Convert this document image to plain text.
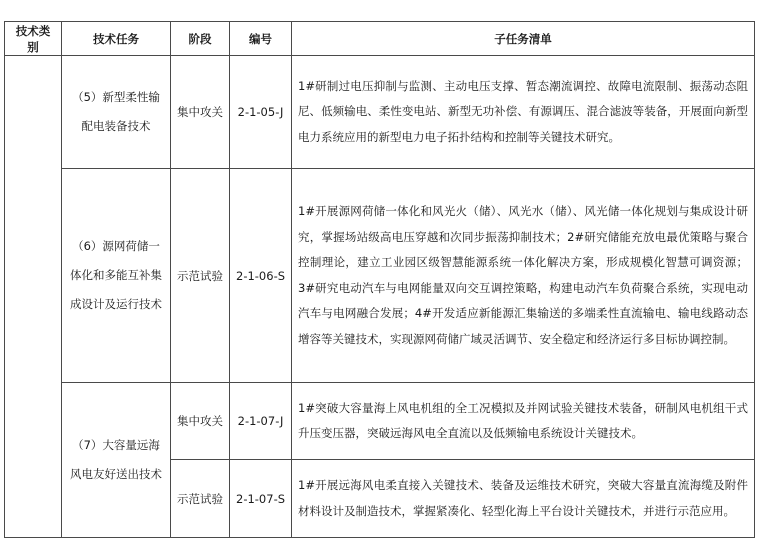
技术类别	技术任务	阶段	编号	子任务清单
	（5）新型柔性输配电装备技术	集中攻关	2-1-05-J	1#研制过电压抑制与监测、主动电压支撑、暂态潮流调控、故障电流限制、振荡动态阻尼、低频输电、柔性变电站、新型无功补偿、有源调压、混合滤波等装备，开展面向新型电力系统应用的新型电力电子拓扑结构和控制等关键技术研究。
	（6）源网荷储一体化和多能互补集成设计及运行技术	示范试验	2-1-06-S	1#开展源网荷储一体化和风光火（储）、风光水（储）、风光储一体化规划与集成设计研究，掌握场站级高电压穿越和次同步振荡抑制技术；2#研究储能充放电最优策略与聚合控制理论，建立工业园区级智慧能源系统一体化解决方案，形成规模化智慧可调资源；3#研究电动汽车与电网能量双向交互调控策略，构建电动汽车负荷聚合系统，实现电动汽车与电网融合发展；4#开发适应新能源汇集输送的多端柔性直流输电、输电线路动态增容等关键技术，实现源网荷储广域灵活调节、安全稳定和经济运行多目标协调控制。
	（7）大容量远海风电友好送出技术	集中攻关	2-1-07-J	1#突破大容量海上风电机组的全工况模拟及并网试验关键技术装备，研制风电机组干式升压变压器，突破远海风电全直流以及低频输电系统设计关键技术。
		示范试验	2-1-07-S	1#开展远海风电柔直接入关键技术、装备及运维技术研究，突破大容量直流海缆及附件材料设计及制造技术，掌握紧凑化、轻型化海上平台设计关键技术，并进行示范应用。
